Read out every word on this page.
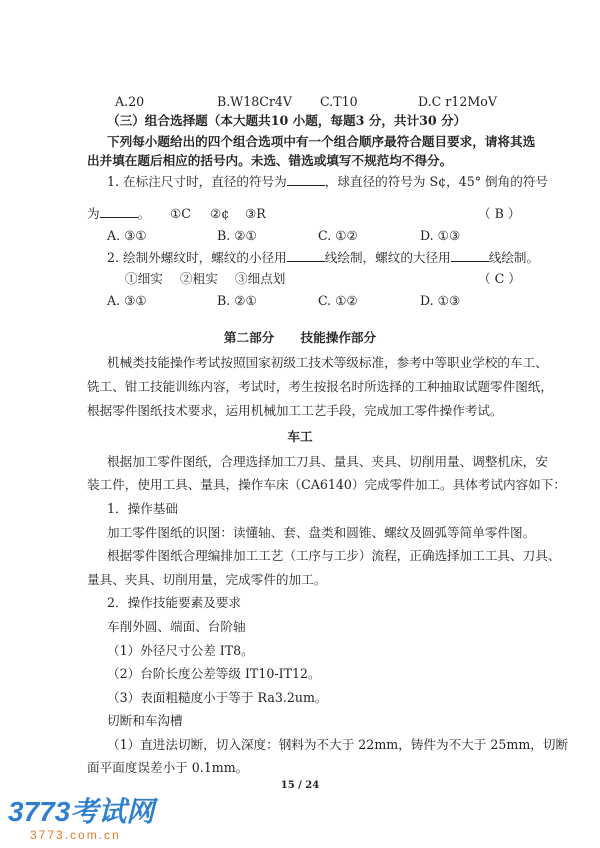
A.20	B.W18Cr4V C.T10	D.C r12MoV
（三）组合选择题（本大题共10 小题，每题3 分，共计30 分）
下列每小题给出的四个组合选项中有一个组合顺序最符合题目要求，请将其选
出并填在题后相应的括号内。未选、错选或填写不规范均不得分。
1. 在标注尺寸时，直径的符号为	，球直径的符号为 S¢，45° 倒角的符号
为	。 ①C ②¢ ③R	（ B ）
A. ③①	B. ②①	C. ①②	D. ①③
2. 绘制外螺纹时，螺纹的小径用	线绘制，螺纹的大径用	线绘制。
①细实 ②粗实 ③细点划	（ C ）
A. ③①	B. ②①	C. ①②	D. ①③
第二部分      技能操作部分
机械类技能操作考试按照国家初级工技术等级标准，参考中等职业学校的车工、
铣工、钳工技能训练内容，考试时，考生按报名时所选择的工种抽取试题零件图纸，
根据零件图纸技术要求，运用机械加工工艺手段，完成加工零件操作考试。
车工
根据加工零件图纸，合理选择加工刀具、量具、夹具、切削用量、调整机床，安
装工件，使用工具、量具，操作车床（CA6140）完成零件加工。具体考试内容如下：
1．操作基础
加工零件图纸的识图：读懂轴、套、盘类和圆锥、螺纹及圆弧等简单零件图。
根据零件图纸合理编排加工工艺（工序与工步）流程，正确选择加工工具、刀具、
量具、夹具、切削用量，完成零件的加工。
2．操作技能要素及要求
车削外圆、端面、台阶轴
（1）外径尺寸公差 IT8。
（2）台阶长度公差等级 IT10-IT12。
（3）表面粗糙度小于等于 Ra3.2um。
切断和车沟槽
（1）直进法切断，切入深度：钢料为不大于 22mm，铸件为不大于 25mm，切断
面平面度误差小于 0.1mm。
15 / 24
3773考试网
3773.com.cn
